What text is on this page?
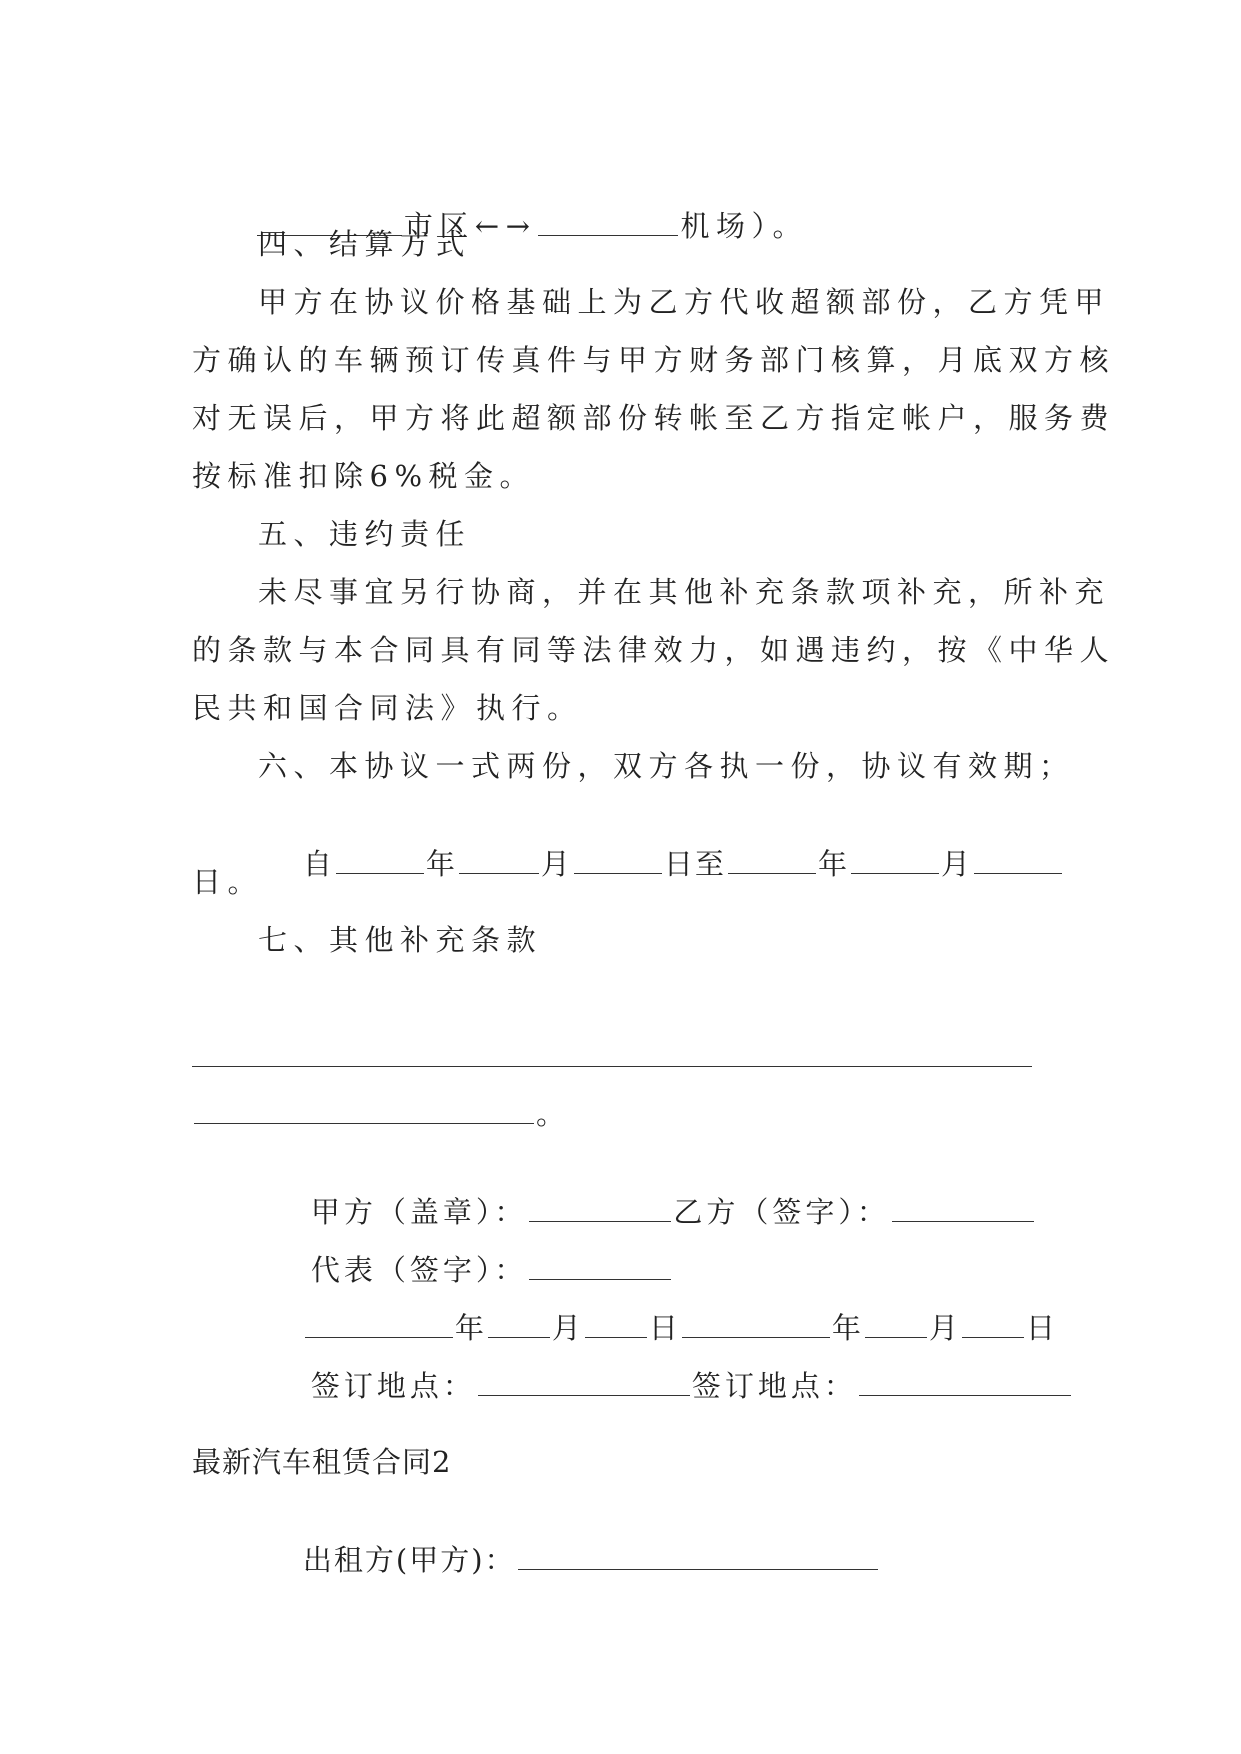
市区←→	机场）。

四、结算方式
甲方在协议价格基础上为乙方代收超额部份，乙方凭甲
方确认的车辆预订传真件与甲方财务部门核算，月底双方核
对无误后，甲方将此超额部份转帐至乙方指定帐户，服务费
按标准扣除6%税金。
五、违约责任
未尽事宜另行协商，并在其他补充条款项补充，所补充
的条款与本合同具有同等法律效力，如遇违约，按《中华人
民共和国合同法》执行。
六、本协议一式两份，双方各执一份，协议有效期；

自	年	月	日至	年	月

日。
七、其他补充条款
。

甲方（盖章）：	乙方（签字）：

代表（签字）：

年 月 日	年 月 日

签订地点：	签订地点：

最新汽车租赁合同2

出租方(甲方)：
